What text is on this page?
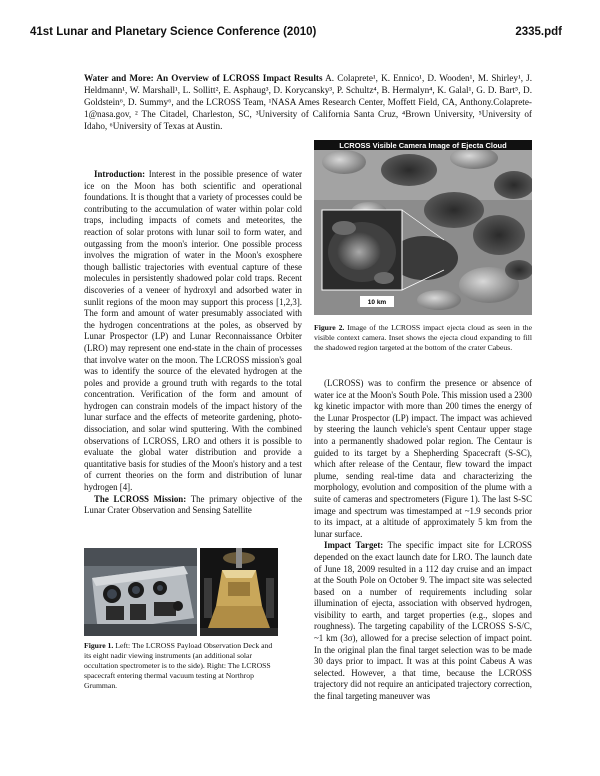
41st Lunar and Planetary Science Conference (2010)	2335.pdf
Water and More: An Overview of LCROSS Impact Results A. Colaprete¹, K. Ennico¹, D. Wooden¹, M. Shirley¹, J. Heldmann¹, W. Marshall¹, L. Sollitt², E. Asphaug³, D. Korycansky³, P. Schultz⁴, B. Hermalyn⁴, K. Galal¹, G. D. Bart⁵, D. Goldstein⁶, D. Summy⁶, and the LCROSS Team, ¹NASA Ames Research Center, Moffett Field, CA, Anthony.Colaprete-1@nasa.gov, ² The Citadel, Charleston, SC, ³University of California Santa Cruz, ⁴Brown University, ⁵University of Idaho, ⁶University of Texas at Austin.

Introduction: Interest in the possible presence of water ice on the Moon has both scientific and operational foundations. It is thought that a variety of processes could be contributing to the accumulation of water within polar cold traps, including impacts of comets and meteorites, the reaction of solar protons with lunar soil to form water, and outgassing from the moon's interior. One possible process involves the migration of water in the Moon's exosphere though ballistic trajectories with eventual capture of these molecules in persistently shadowed polar cold traps. Recent discoveries of a veneer of hydroxyl and adsorbed water in sunlit regions of the moon may support this process [1,2,3]. The form and amount of water presumably associated with the hydrogen concentrations at the poles, as observed by Lunar Prospector (LP) and Lunar Reconnaissance Orbiter (LRO) may represent one end-state in the chain of processes that involve water on the moon. The LCROSS mission's goal was to identify the source of the elevated hydrogen at the poles and provide a ground truth with regards to the total concentration. Verification of the form and amount of hydrogen can constrain models of the impact history of the lunar surface and the effects of meteorite gardening, photo-dissociation, and solar wind sputtering. With the combined observations of LCROSS, LRO and others it is possible to evaluate the global water distribution and provide a quantitative basis for studies of the Moon's history and a test of current theories on the form and distribution of lunar hydrogen [4].

The LCROSS Mission: The primary objective of the Lunar Crater Observation and Sensing Satellite

LCROSS Visible Camera Image of Ejecta Cloud
10 km
Figure 2. Image of the LCROSS impact ejecta cloud as seen in the visible context camera. Inset shows the ejecta cloud expanding to fill the shadowed region targeted at the bottom of the crater Cabeus.

(LCROSS) was to confirm the presence or absence of water ice at the Moon's South Pole. This mission used a 2300 kg kinetic impactor with more than 200 times the energy of the Lunar Prospector (LP) impact. The impact was achieved by steering the launch vehicle's spent Centaur upper stage into a permanently shadowed polar region. The Centaur is guided to its target by a Shepherding Spacecraft (S-SC), which after release of the Centaur, flew toward the impact plume, sending real-time data and characterizing the morphology, evolution and composition of the plume with a suite of cameras and spectrometers (Figure 1). The last S-SC image and spectrum was timestamped at ~1.9 seconds prior to its impact, at a altitude of approximately 5 km from the lunar surface.

Impact Target: The specific impact site for LCROSS depended on the exact launch date for LRO. The launch date of June 18, 2009 resulted in a 112 day cruise and an impact at the South Pole on October 9. The impact site was selected based on a number of requirements including solar illumination of ejecta, association with observed hydrogen, visibility to earth, and target properties (e.g., slopes and roughness). The targeting capability of the LCROSS S-S/C, ~1 km (3σ), allowed for a precise selection of impact point. In the original plan the final target selection was to be made 30 days prior to impact. It was at this point Cabeus A was selected. However, a that time, because the LCROSS trajectory did not require an anticipated trajectory correction, the final targeting maneuver was

Figure 1. Left: The LCROSS Payload Observation Deck and its eight nadir viewing instruments (an additional solar occultation spectrometer is to the side). Right: The LCROSS spacecraft entering thermal vacuum testing at Northrop Grumman.
